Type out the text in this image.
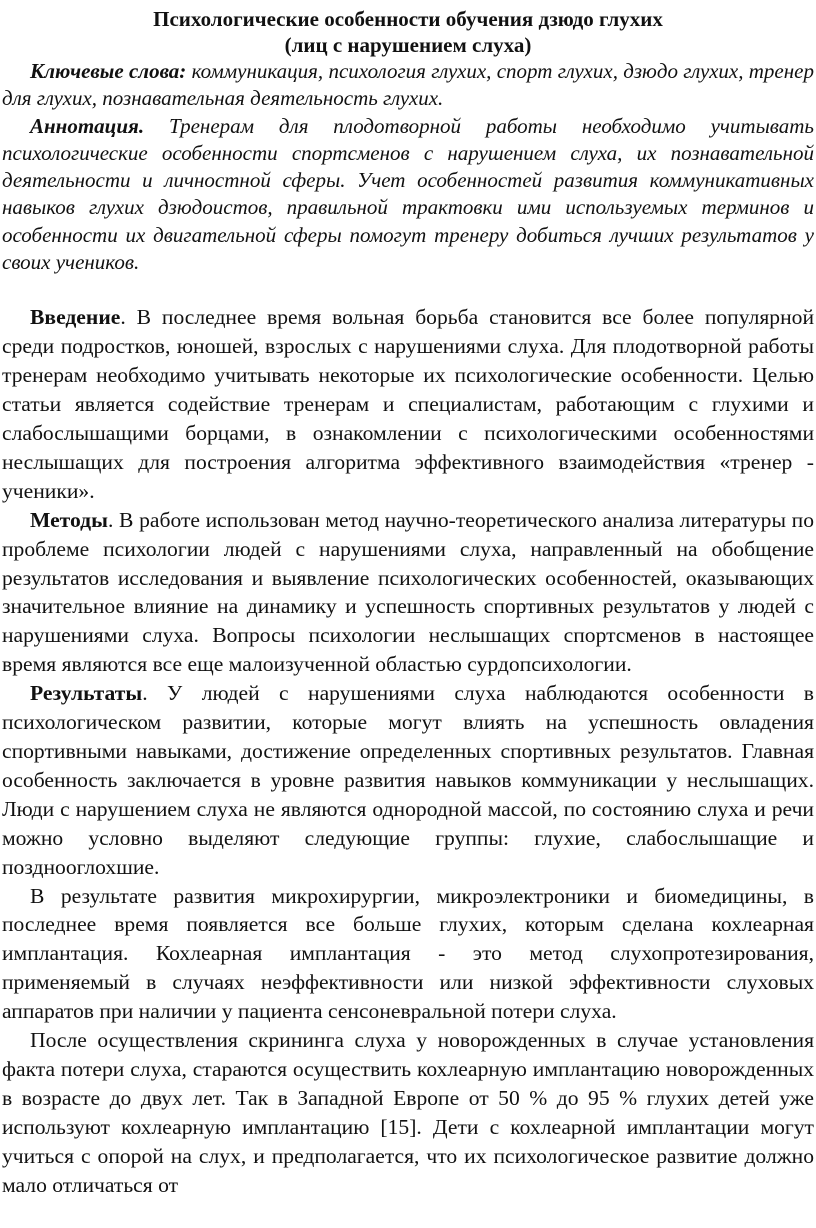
Психологические особенности обучения дзюдо глухих
(лиц с нарушением слуха)

Ключевые слова: коммуникация, психология глухих, спорт глухих, дзюдо глухих, тренер для глухих, познавательная деятельность глухих.

Аннотация. Тренерам для плодотворной работы необходимо учитывать психологические особенности спортсменов с нарушением слуха, их познавательной деятельности и личностной сферы. Учет особенностей развития коммуникативных навыков глухих дзюдоистов, правильной трактовки ими используемых терминов и особенности их двигательной сферы помогут тренеру добиться лучших результатов у своих учеников.

Введение. В последнее время вольная борьба становится все более популярной среди подростков, юношей, взрослых с нарушениями слуха. Для плодотворной работы тренерам необходимо учитывать некоторые их психологические особенности. Целью статьи является содействие тренерам и специалистам, работающим с глухими и слабослышащими борцами, в ознакомлении с психологическими особенностями неслышащих для построения алгоритма эффективного взаимодействия «тренер - ученики».

Методы. В работе использован метод научно-теоретического анализа литературы по проблеме психологии людей с нарушениями слуха, направленный на обобщение результатов исследования и выявление психологических особенностей, оказывающих значительное влияние на динамику и успешность спортивных результатов у людей с нарушениями слуха. Вопросы психологии неслышащих спортсменов в настоящее время являются все еще малоизученной областью сурдопсихологии.

Результаты. У людей с нарушениями слуха наблюдаются особенности в психологическом развитии, которые могут влиять на успешность овладения спортивными навыками, достижение определенных спортивных результатов. Главная особенность заключается в уровне развития навыков коммуникации у неслышащих. Люди с нарушением слуха не являются однородной массой, по состоянию слуха и речи можно условно выделяют следующие группы: глухие, слабослышащие и позднооглохшие.

В результате развития микрохирургии, микроэлектроники и биомедицины, в последнее время появляется все больше глухих, которым сделана кохлеарная имплантация. Кохлеарная имплантация - это метод слухопротезирования, применяемый в случаях неэффективности или низкой эффективности слуховых аппаратов при наличии у пациента сенсоневральной потери слуха.

После осуществления скрининга слуха у новорожденных в случае установления факта потери слуха, стараются осуществить кохлеарную имплантацию новорожденных в возрасте до двух лет. Так в Западной Европе от 50 % до 95 % глухих детей уже используют кохлеарную имплантацию [15]. Дети с кохлеарной имплантации могут учиться с опорой на слух, и предполагается, что их психологическое развитие должно мало отличаться от
